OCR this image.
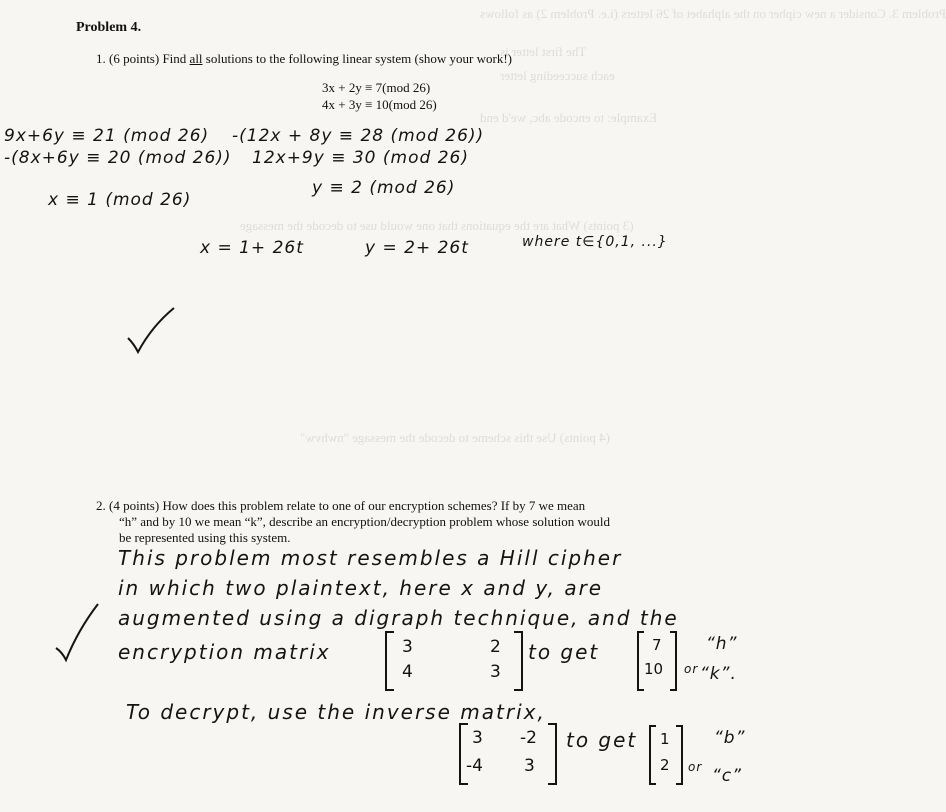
Problem 3. Consider a new cipher on the alphabet of 26 letters (i.e. Problem 2) as follows
The first letter is
each succeeding letter
Example: to encode abc, we'd end
(3 points) What are the equations that one would use to decode the message
(4 points) Use this scheme to decode the message "nwhvw"
Problem 4.
1. (6 points) Find all solutions to the following linear system (show your work!)
3x + 2y ≡ 7(mod 26)
4x + 3y ≡ 10(mod 26)
9x+6y ≡ 21 (mod 26) -(12x + 8y ≡ 28 (mod 26))
-(8x+6y ≡ 20 (mod 26)) 12x+9y ≡ 30 (mod 26)
x ≡ 1 (mod 26)
y ≡ 2 (mod 26)
x = 1+ 26t	y = 2+ 26t	where t∈{0,1, ...}
2. (4 points) How does this problem relate to one of our encryption schemes? If by 7 we mean
“h” and by 10 we mean “k”, describe an encryption/decryption problem whose solution would
be represented using this system.
This problem most resembles a Hill cipher
in which two plaintext, here x and y, are
augmented using a digraph technique, and the
encryption matrix	3	2
4	3
to get	7
10 or
“h”
“k”.
To decrypt, use the inverse matrix,
3 -2
-4 3
to get 1
2 or
“b”
“c”
